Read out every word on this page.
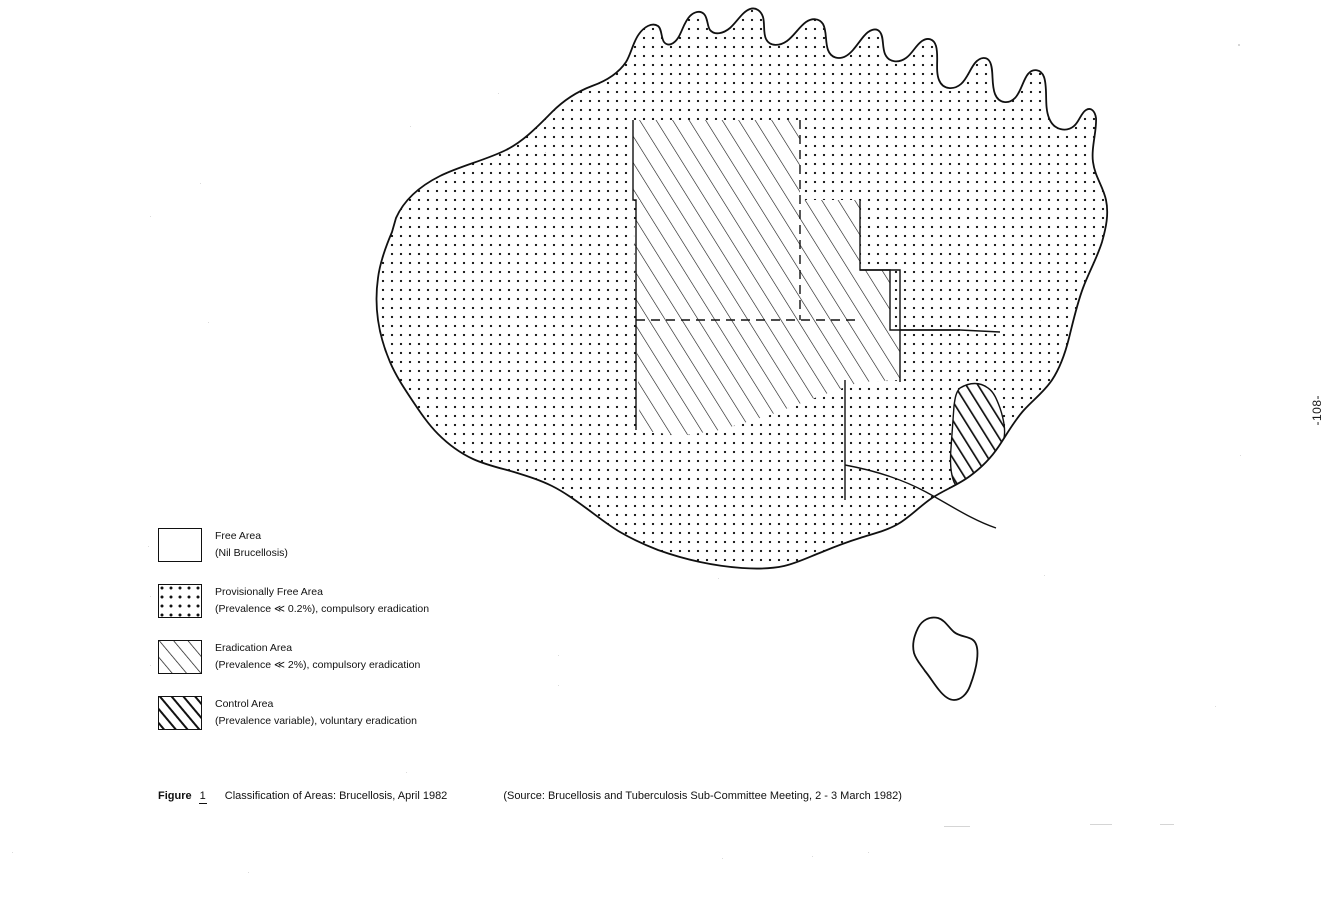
-108-
Free Area
(Nil Brucellosis)
Provisionally Free Area
(Prevalence ≪ 0.2%), compulsory eradication
Eradication Area
(Prevalence ≪ 2%), compulsory eradication
Control Area
(Prevalence variable), voluntary eradication
Figure 1 Classification of Areas: Brucellosis, April 1982	(Source: Brucellosis and Tuberculosis Sub-Committee Meeting, 2 - 3 March 1982)
